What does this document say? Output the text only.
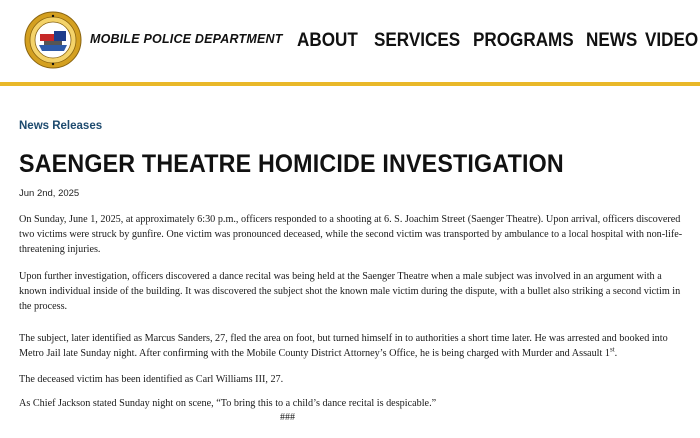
MOBILE POLICE DEPARTMENT ABOUT SERVICES PROGRAMS NEWS VIDEO
News Releases
SAENGER THEATRE HOMICIDE INVESTIGATION
Jun 2nd, 2025

On Sunday, June 1, 2025, at approximately 6:30 p.m., officers responded to a shooting at 6. S. Joachim Street (Saenger Theatre). Upon arrival, officers discovered two victims were struck by gunfire. One victim was pronounced deceased, while the second victim was transported by ambulance to a local hospital with non-life-threatening injuries.

Upon further investigation, officers discovered a dance recital was being held at the Saenger Theatre when a male subject was involved in an argument with a known individual inside of the building. It was discovered the subject shot the known male victim during the dispute, with a bullet also striking a second victim in the process.

The subject, later identified as Marcus Sanders, 27, fled the area on foot, but turned himself in to authorities a short time later. He was arrested and booked into Metro Jail late Sunday night. After confirming with the Mobile County District Attorney’s Office, he is being charged with Murder and Assault 1st.

The deceased victim has been identified as Carl Williams III, 27.

As Chief Jackson stated Sunday night on scene, “To bring this to a child’s dance recital is despicable.”

###
